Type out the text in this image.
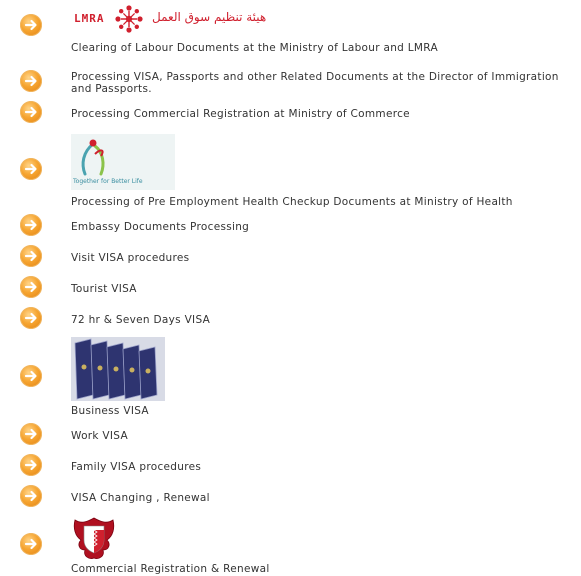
LMRA	هيئة تنظيم سوق العمل
Clearing of Labour Documents at the Ministry of Labour and LMRA
Processing VISA, Passports and other Related Documents at the Director of Immigration and Passports.
Processing Commercial Registration at Ministry of Commerce
Together for Better Life
Processing of Pre Employment Health Checkup Documents at Ministry of Health
Embassy Documents Processing
Visit VISA procedures
Tourist VISA
72 hr & Seven Days VISA
Business VISA
Work VISA
Family VISA procedures
VISA Changing , Renewal
Commercial Registration & Renewal
